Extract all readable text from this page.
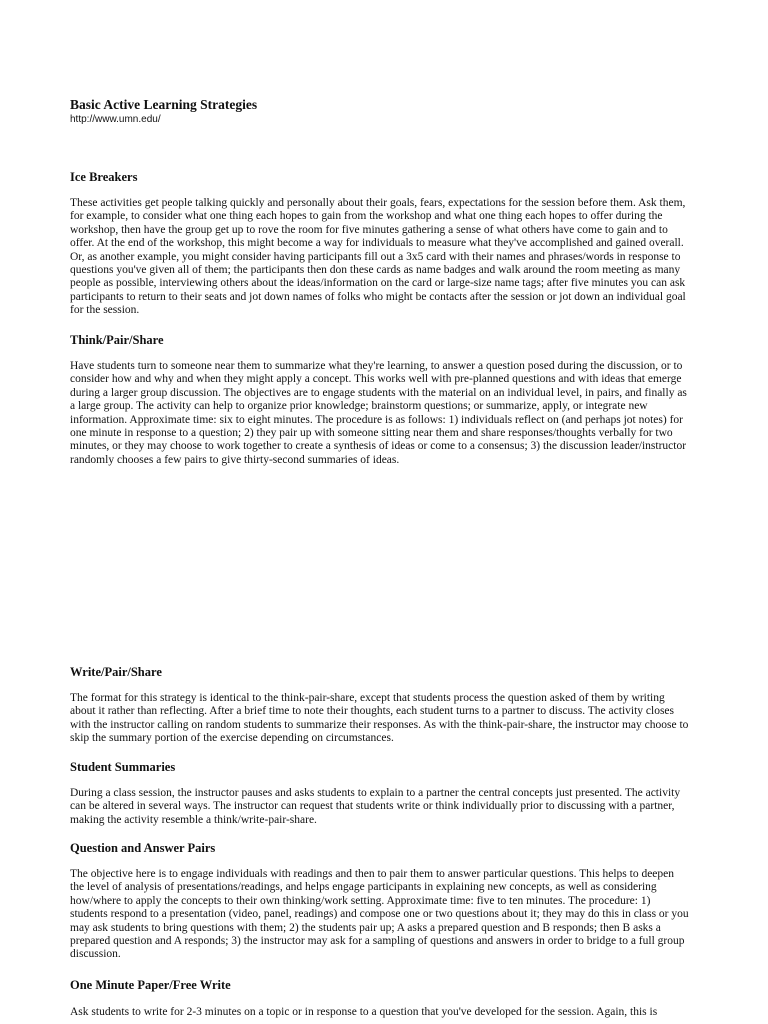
Basic Active Learning Strategies
http://www.umn.edu/
Ice Breakers
These activities get people talking quickly and personally about their goals, fears, expectations for the session before them. Ask them,
for example, to consider what one thing each hopes to gain from the workshop and what one thing each hopes to offer during the
workshop, then have the group get up to rove the room for five minutes gathering a sense of what others have come to gain and to
offer. At the end of the workshop, this might become a way for individuals to measure what they've accomplished and gained overall.
Or, as another example, you might consider having participants fill out a 3x5 card with their names and phrases/words in response to
questions you've given all of them; the participants then don these cards as name badges and walk around the room meeting as many
people as possible, interviewing others about the ideas/information on the card or large-size name tags; after five minutes you can ask
participants to return to their seats and jot down names of folks who might be contacts after the session or jot down an individual goal
for the session.
Think/Pair/Share
Have students turn to someone near them to summarize what they're learning, to answer a question posed during the discussion, or to
consider how and why and when they might apply a concept. This works well with pre-planned questions and with ideas that emerge
during a larger group discussion. The objectives are to engage students with the material on an individual level, in pairs, and finally as
a large group. The activity can help to organize prior knowledge; brainstorm questions; or summarize, apply, or integrate new
information. Approximate time: six to eight minutes. The procedure is as follows: 1) individuals reflect on (and perhaps jot notes) for
one minute in response to a question; 2) they pair up with someone sitting near them and share responses/thoughts verbally for two
minutes, or they may choose to work together to create a synthesis of ideas or come to a consensus; 3) the discussion leader/instructor
randomly chooses a few pairs to give thirty-second summaries of ideas.
Write/Pair/Share
The format for this strategy is identical to the think-pair-share, except that students process the question asked of them by writing
about it rather than reflecting. After a brief time to note their thoughts, each student turns to a partner to discuss. The activity closes
with the instructor calling on random students to summarize their responses. As with the think-pair-share, the instructor may choose to
skip the summary portion of the exercise depending on circumstances.
Student Summaries
During a class session, the instructor pauses and asks students to explain to a partner the central concepts just presented. The activity
can be altered in several ways. The instructor can request that students write or think individually prior to discussing with a partner,
making the activity resemble a think/write-pair-share.
Question and Answer Pairs
The objective here is to engage individuals with readings and then to pair them to answer particular questions. This helps to deepen
the level of analysis of presentations/readings, and helps engage participants in explaining new concepts, as well as considering
how/where to apply the concepts to their own thinking/work setting. Approximate time: five to ten minutes. The procedure: 1)
students respond to a presentation (video, panel, readings) and compose one or two questions about it; they may do this in class or you
may ask students to bring questions with them; 2) the students pair up; A asks a prepared question and B responds; then B asks a
prepared question and A responds; 3) the instructor may ask for a sampling of questions and answers in order to bridge to a full group
discussion.
One Minute Paper/Free Write
Ask students to write for 2-3 minutes on a topic or in response to a question that you've developed for the session. Again, this is
